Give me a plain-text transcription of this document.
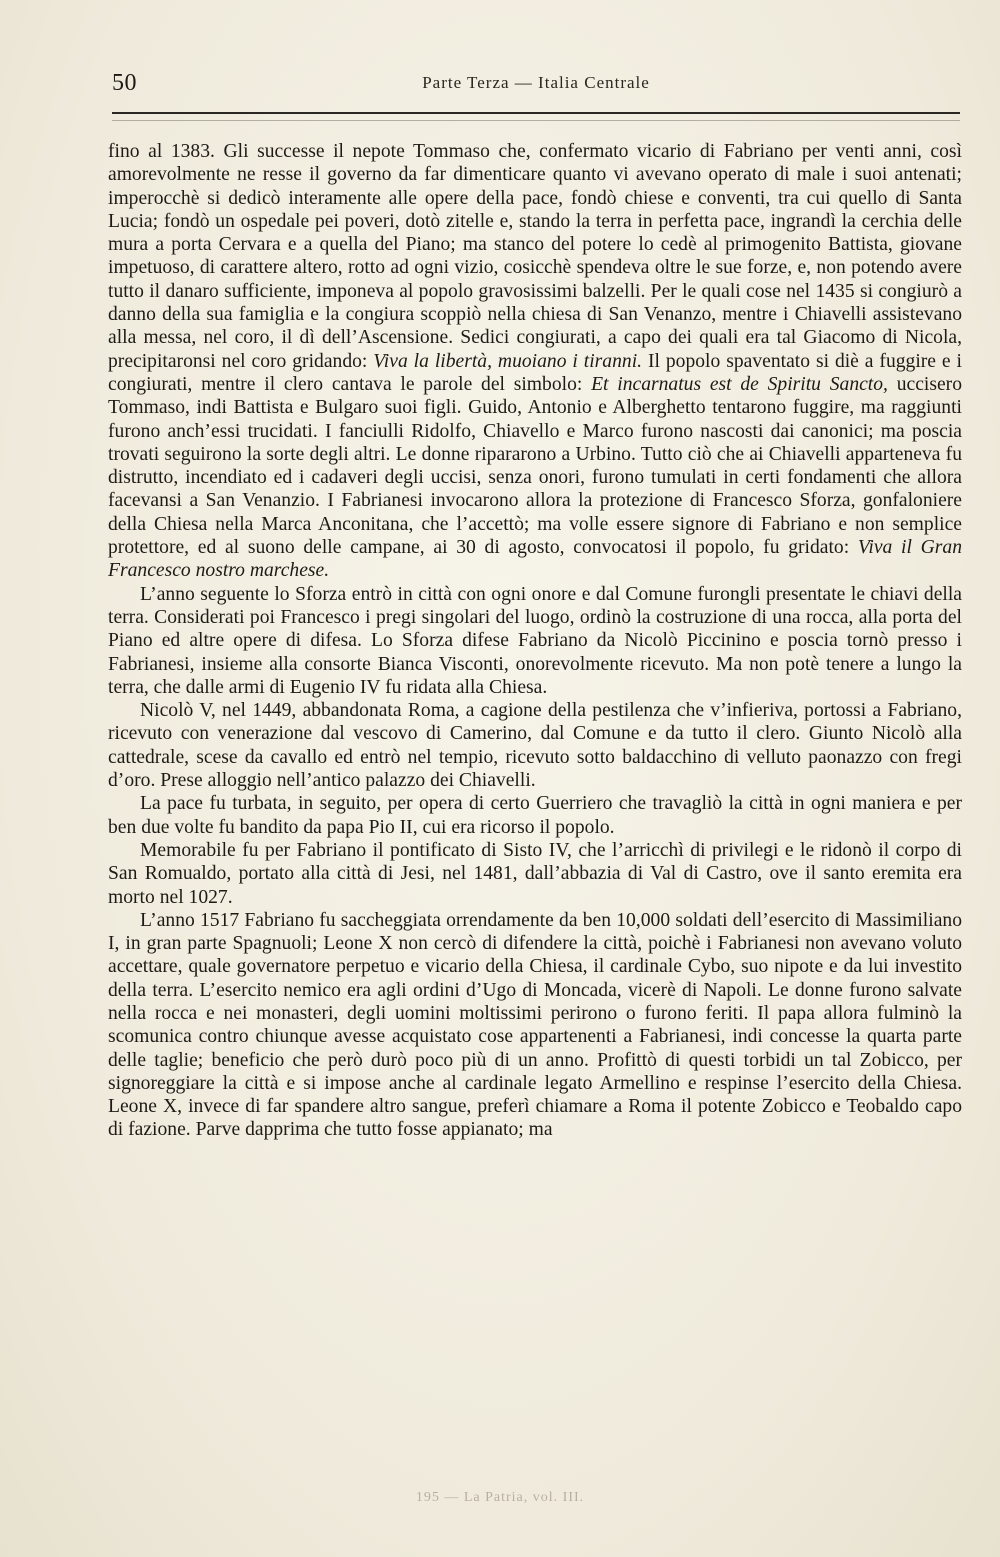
50	Parte Terza — Italia Centrale

fino al 1383. Gli successe il nepote Tommaso che, confermato vicario di Fabriano per venti anni, così amorevolmente ne resse il governo da far dimenticare quanto vi avevano operato di male i suoi antenati; imperocchè si dedicò interamente alle opere della pace, fondò chiese e conventi, tra cui quello di Santa Lucia; fondò un ospedale pei poveri, dotò zitelle e, stando la terra in perfetta pace, ingrandì la cerchia delle mura a porta Cervara e a quella del Piano; ma stanco del potere lo cedè al primogenito Battista, giovane impetuoso, di carattere altero, rotto ad ogni vizio, cosicchè spendeva oltre le sue forze, e, non potendo avere tutto il danaro sufficiente, imponeva al popolo gravosissimi balzelli. Per le quali cose nel 1435 si congiurò a danno della sua famiglia e la congiura scoppiò nella chiesa di San Venanzo, mentre i Chiavelli assistevano alla messa, nel coro, il dì dell’Ascensione. Sedici congiurati, a capo dei quali era tal Giacomo di Nicola, precipitaronsi nel coro gridando: Viva la libertà, muoiano i tiranni. Il popolo spaventato si diè a fuggire e i congiurati, mentre il clero cantava le parole del simbolo: Et incarnatus est de Spiritu Sancto, uccisero Tommaso, indi Battista e Bulgaro suoi figli. Guido, Antonio e Alberghetto tentarono fuggire, ma raggiunti furono anch’essi trucidati. I fanciulli Ridolfo, Chiavello e Marco furono nascosti dai canonici; ma poscia trovati seguirono la sorte degli altri. Le donne ripararono a Urbino. Tutto ciò che ai Chiavelli apparteneva fu distrutto, incendiato ed i cadaveri degli uccisi, senza onori, furono tumulati in certi fondamenti che allora facevansi a San Venanzio. I Fabrianesi invocarono allora la protezione di Francesco Sforza, gonfaloniere della Chiesa nella Marca Anconitana, che l’accettò; ma volle essere signore di Fabriano e non semplice protettore, ed al suono delle campane, ai 30 di agosto, convocatosi il popolo, fu gridato: Viva il Gran Francesco nostro marchese.

L’anno seguente lo Sforza entrò in città con ogni onore e dal Comune furongli presentate le chiavi della terra. Considerati poi Francesco i pregi singolari del luogo, ordinò la costruzione di una rocca, alla porta del Piano ed altre opere di difesa. Lo Sforza difese Fabriano da Nicolò Piccinino e poscia tornò presso i Fabrianesi, insieme alla consorte Bianca Visconti, onorevolmente ricevuto. Ma non potè tenere a lungo la terra, che dalle armi di Eugenio IV fu ridata alla Chiesa.

Nicolò V, nel 1449, abbandonata Roma, a cagione della pestilenza che v’infieriva, portossi a Fabriano, ricevuto con venerazione dal vescovo di Camerino, dal Comune e da tutto il clero. Giunto Nicolò alla cattedrale, scese da cavallo ed entrò nel tempio, ricevuto sotto baldacchino di velluto paonazzo con fregi d’oro. Prese alloggio nell’antico palazzo dei Chiavelli.

La pace fu turbata, in seguito, per opera di certo Guerriero che travagliò la città in ogni maniera e per ben due volte fu bandito da papa Pio II, cui era ricorso il popolo.

Memorabile fu per Fabriano il pontificato di Sisto IV, che l’arricchì di privilegi e le ridonò il corpo di San Romualdo, portato alla città di Jesi, nel 1481, dall’abbazia di Val di Castro, ove il santo eremita era morto nel 1027.

L’anno 1517 Fabriano fu saccheggiata orrendamente da ben 10,000 soldati dell’esercito di Massimiliano I, in gran parte Spagnuoli; Leone X non cercò di difendere la città, poichè i Fabrianesi non avevano voluto accettare, quale governatore perpetuo e vicario della Chiesa, il cardinale Cybo, suo nipote e da lui investito della terra. L’esercito nemico era agli ordini d’Ugo di Moncada, vicerè di Napoli. Le donne furono salvate nella rocca e nei monasteri, degli uomini moltissimi perirono o furono feriti. Il papa allora fulminò la scomunica contro chiunque avesse acquistato cose appartenenti a Fabrianesi, indi concesse la quarta parte delle taglie; beneficio che però durò poco più di un anno. Profittò di questi torbidi un tal Zobicco, per signoreggiare la città e si impose anche al cardinale legato Armellino e respinse l’esercito della Chiesa. Leone X, invece di far spandere altro sangue, preferì chiamare a Roma il potente Zobicco e Teobaldo capo di fazione. Parve dapprima che tutto fosse appianato; ma

195 — La Patria, vol. III.
